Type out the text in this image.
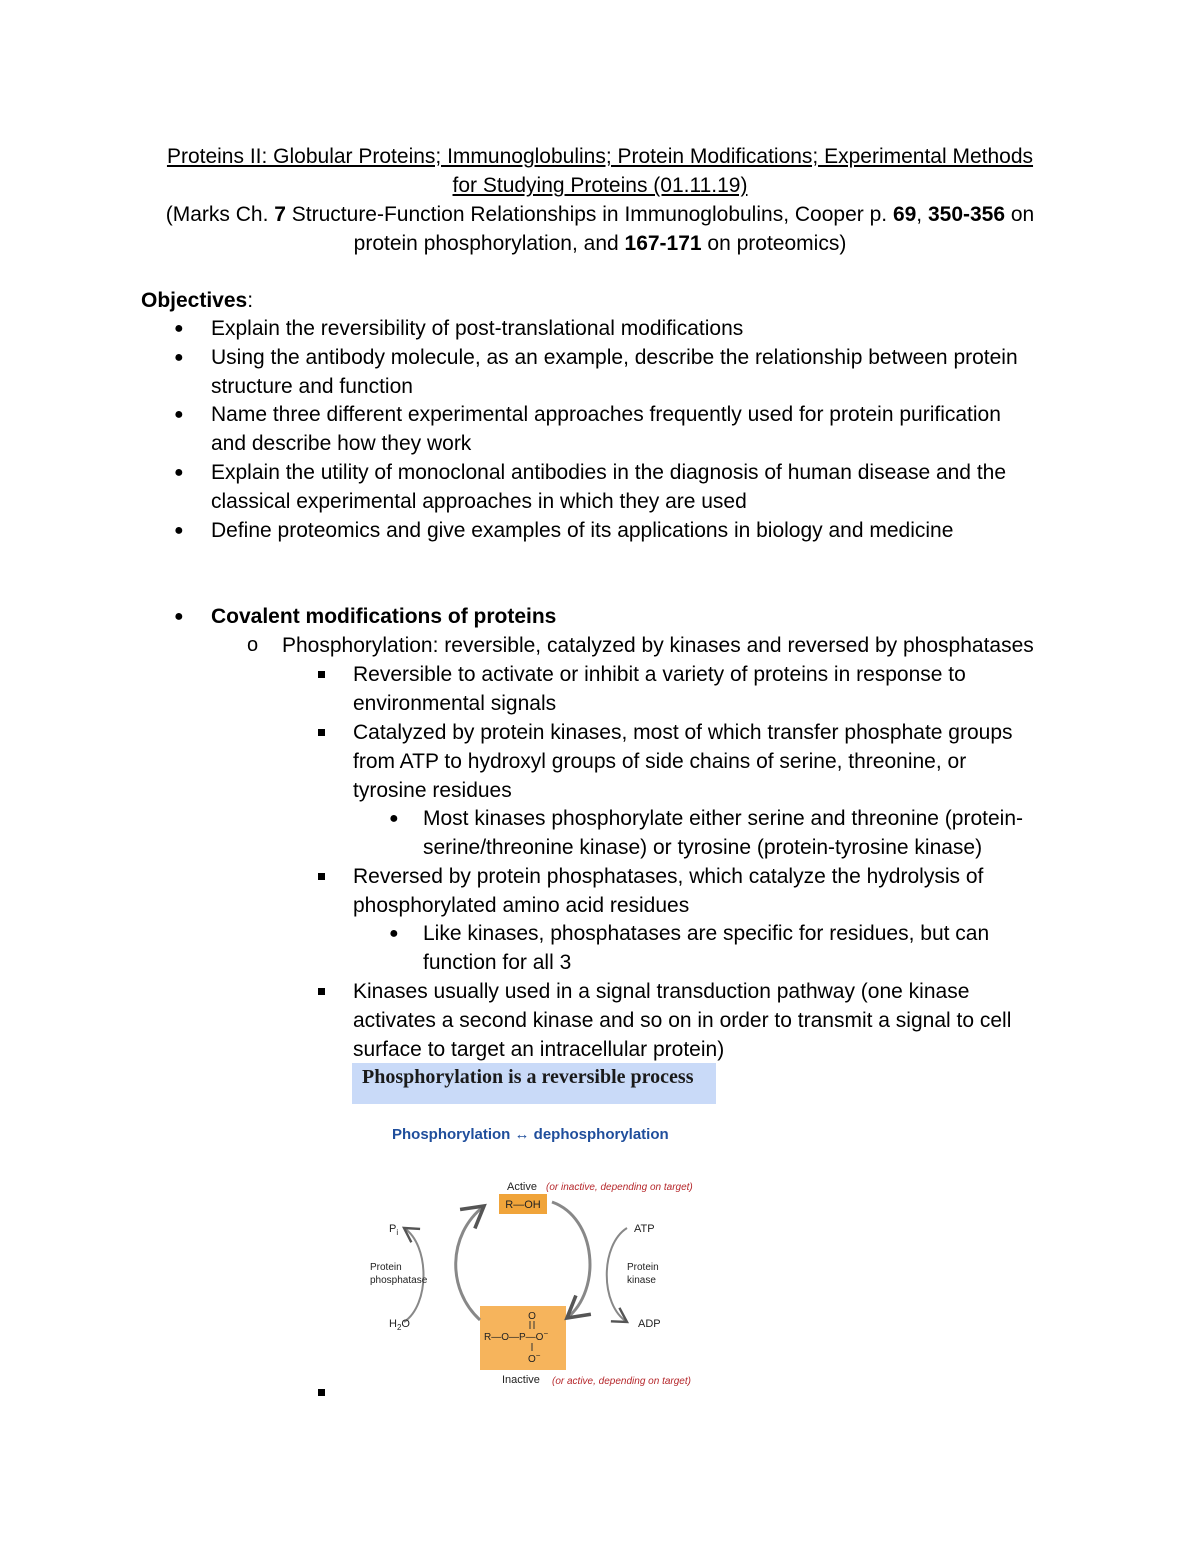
Proteins II: Globular Proteins; Immunoglobulins; Protein Modifications; Experimental Methods
for Studying Proteins (01.11.19)
(Marks Ch. 7 Structure-Function Relationships in Immunoglobulins, Cooper p. 69, 350-356 on
protein phosphorylation, and 167-171 on proteomics)
Objectives:
● Explain the reversibility of post-translational modifications
● Using the antibody molecule, as an example, describe the relationship between protein
structure and function
● Name three different experimental approaches frequently used for protein purification
and describe how they work
● Explain the utility of monoclonal antibodies in the diagnosis of human disease and the
classical experimental approaches in which they are used
● Define proteomics and give examples of its applications in biology and medicine
● Covalent modifications of proteins
o Phosphorylation: reversible, catalyzed by kinases and reversed by phosphatases
Reversible to activate or inhibit a variety of proteins in response to
environmental signals
Catalyzed by protein kinases, most of which transfer phosphate groups
from ATP to hydroxyl groups of side chains of serine, threonine, or
tyrosine residues
● Most kinases phosphorylate either serine and threonine (protein-
serine/threonine kinase) or tyrosine (protein-tyrosine kinase)
Reversed by protein phosphatases, which catalyze the hydrolysis of
phosphorylated amino acid residues
● Like kinases, phosphatases are specific for residues, but can
function for all 3
Kinases usually used in a signal transduction pathway (one kinase
activates a second kinase and so on in order to transmit a signal to cell
surface to target an intracellular protein)
Phosphorylation is a reversible process
Phosphorylation ↔ dephosphorylation
Active (or inactive, depending on target)
R—OH
O
R—O—P—O−
O−
Inactive (or active, depending on target)
$P_i$
Protein
phosphatase
$H_2O$
ATP
Protein
kinase
ADP
